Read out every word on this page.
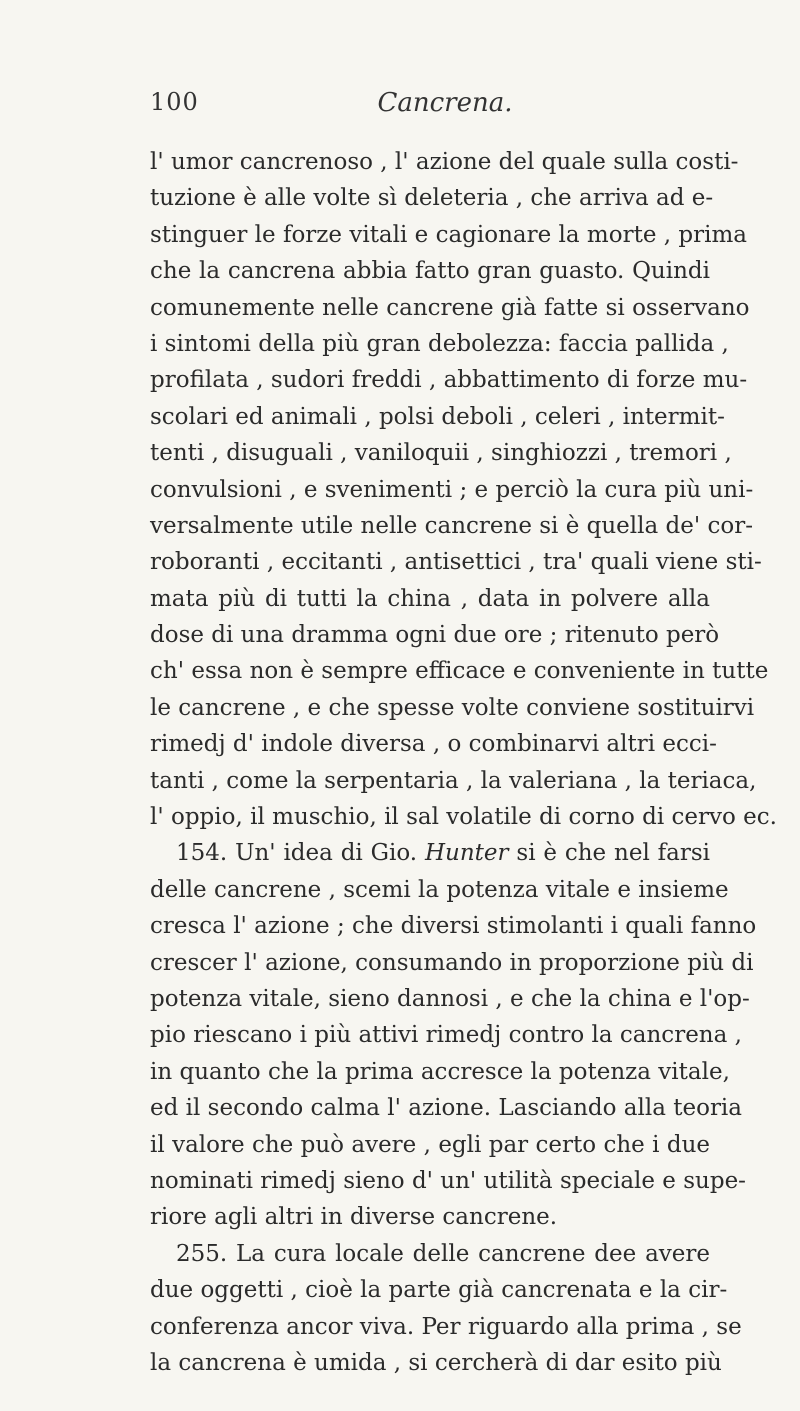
100	Cancrena.
l' umor cancrenoso , l' azione del quale sulla costi-
tuzione è alle volte sì deleteria , che arriva ad e-
stinguer le forze vitali e cagionare la morte , prima
che la cancrena abbia fatto gran guasto. Quindi
comunemente nelle cancrene già fatte si osservano
i sintomi della più gran debolezza: faccia pallida ,
profilata , sudori freddi , abbattimento di forze mu-
scolari ed animali , polsi deboli , celeri , intermit-
tenti , disuguali , vaniloquii , singhiozzi , tremori ,
convulsioni , e svenimenti ; e perciò la cura più uni-
versalmente utile nelle cancrene si è quella de' cor-
roboranti , eccitanti , antisettici , tra' quali viene sti-
mata più di tutti la china , data in polvere alla
dose di una dramma ogni due ore ; ritenuto però
ch' essa non è sempre efficace e conveniente in tutte
le cancrene , e che spesse volte conviene sostituirvi
rimedj d' indole diversa , o combinarvi altri ecci-
tanti , come la serpentaria , la valeriana , la teriaca,
l' oppio, il muschio, il sal volatile di corno di cervo ec.
154. Un' idea di Gio. Hunter si è che nel farsi
delle cancrene , scemi la potenza vitale e insieme
cresca l' azione ; che diversi stimolanti i quali fanno
crescer l' azione, consumando in proporzione più di
potenza vitale, sieno dannosi , e che la china e l'op-
pio riescano i più attivi rimedj contro la cancrena ,
in quanto che la prima accresce la potenza vitale,
ed il secondo calma l' azione. Lasciando alla teoria
il valore che può avere , egli par certo che i due
nominati rimedj sieno d' un' utilità speciale e supe-
riore agli altri in diverse cancrene.
255. La cura locale delle cancrene dee avere
due oggetti , cioè la parte già cancrenata e la cir-
conferenza ancor viva. Per riguardo alla prima , se
la cancrena è umida , si cercherà di dar esito più
